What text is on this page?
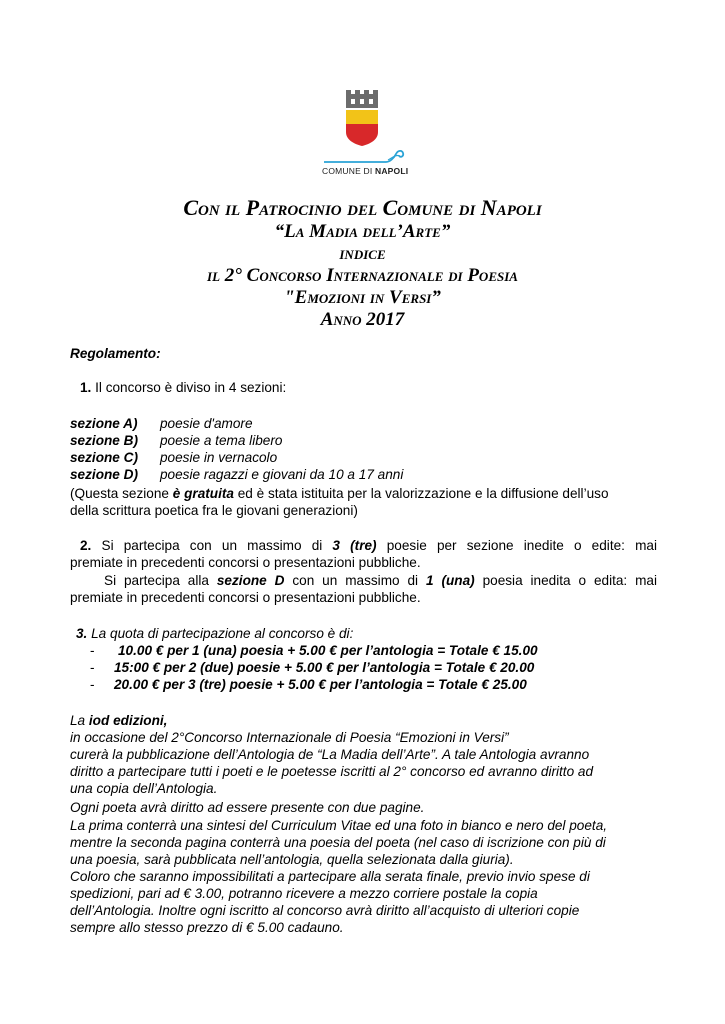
COMUNE DI NAPOLI
Con il Patrocinio del Comune di Napoli
“La Madia dell’Arte”
indice
il 2° Concorso Internazionale di Poesia
"Emozioni in Versi”
Anno 2017
Regolamento:
1. Il concorso è diviso in 4 sezioni:
sezione A) poesie d'amore
sezione B) poesie a tema libero
sezione C) poesie in vernacolo
sezione D) poesie ragazzi e giovani da 10 a 17 anni
(Questa sezione è gratuita ed è stata istituita per la valorizzazione e la diffusione dell’uso
della scrittura poetica fra le giovani generazioni)
2. Si partecipa con un massimo di 3 (tre) poesie per sezione inedite o edite: mai
premiate in precedenti concorsi o presentazioni pubbliche.
Si partecipa alla sezione D con un massimo di 1 (una) poesia inedita o edita: mai
premiate in precedenti concorsi o presentazioni pubbliche.
3. La quota di partecipazione al concorso è di:
- 10.00 € per 1 (una) poesia + 5.00 € per l’antologia = Totale € 15.00
- 15:00 € per 2 (due) poesie + 5.00 € per l’antologia = Totale € 20.00
- 20.00 € per 3 (tre) poesie + 5.00 € per l’antologia = Totale € 25.00
La iod edizioni,
in occasione del 2°Concorso Internazionale di Poesia “Emozioni in Versi”
curerà la pubblicazione dell’Antologia de “La Madia dell’Arte”. A tale Antologia avranno
diritto a partecipare tutti i poeti e le poetesse iscritti al 2° concorso ed avranno diritto ad
una copia dell’Antologia.
Ogni poeta avrà diritto ad essere presente con due pagine.
La prima conterrà una sintesi del Curriculum Vitae ed una foto in bianco e nero del poeta,
mentre la seconda pagina conterrà una poesia del poeta (nel caso di iscrizione con più di
una poesia, sarà pubblicata nell’antologia, quella selezionata dalla giuria).
Coloro che saranno impossibilitati a partecipare alla serata finale, previo invio spese di
spedizioni, pari ad € 3.00, potranno ricevere a mezzo corriere postale la copia
dell’Antologia. Inoltre ogni iscritto al concorso avrà diritto all’acquisto di ulteriori copie
sempre allo stesso prezzo di € 5.00 cadauno.
